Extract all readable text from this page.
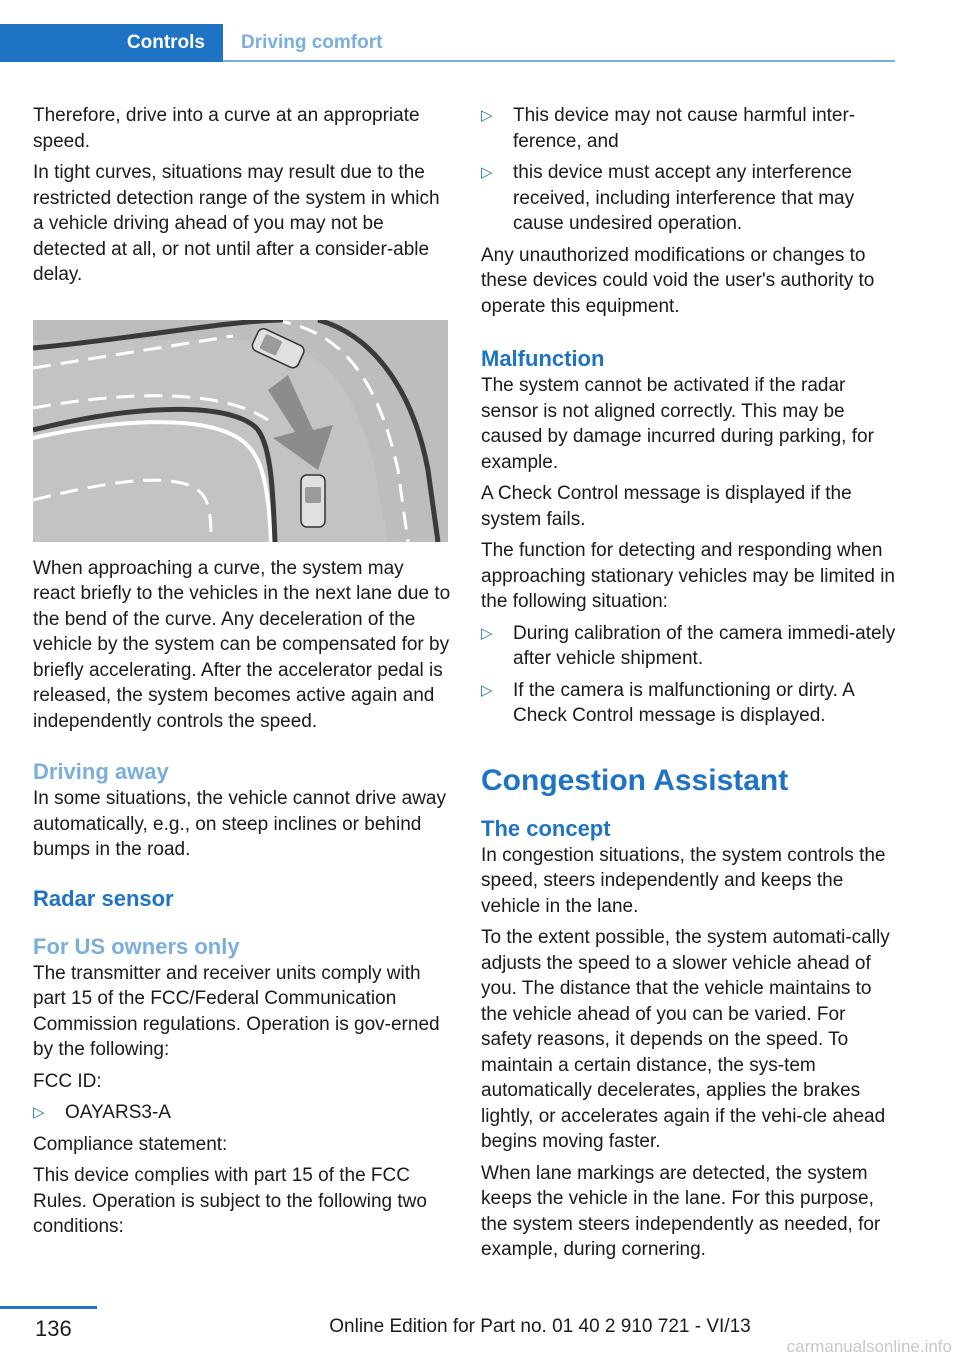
Controls	Driving comfort

Therefore, drive into a curve at an appropriate speed.

In tight curves, situations may result due to the restricted detection range of the system in which a vehicle driving ahead of you may not be detected at all, or not until after a consider-able delay.

When approaching a curve, the system may react briefly to the vehicles in the next lane due to the bend of the curve. Any deceleration of the vehicle by the system can be compensated for by briefly accelerating. After the accelerator pedal is released, the system becomes active again and independently controls the speed.

Driving away

In some situations, the vehicle cannot drive away automatically, e.g., on steep inclines or behind bumps in the road.

Radar sensor
For US owners only

The transmitter and receiver units comply with part 15 of the FCC/Federal Communication Commission regulations. Operation is gov-erned by the following:

FCC ID:

▷ OAYARS3-A

Compliance statement:

This device complies with part 15 of the FCC Rules. Operation is subject to the following two conditions:

▷ This device may not cause harmful inter-ference, and
▷ this device must accept any interference received, including interference that may cause undesired operation.

Any unauthorized modifications or changes to these devices could void the user's authority to operate this equipment.

Malfunction

The system cannot be activated if the radar sensor is not aligned correctly. This may be caused by damage incurred during parking, for example.

A Check Control message is displayed if the system fails.

The function for detecting and responding when approaching stationary vehicles may be limited in the following situation:

▷ During calibration of the camera immedi-ately after vehicle shipment.
▷ If the camera is malfunctioning or dirty. A Check Control message is displayed.
Congestion Assistant
The concept

In congestion situations, the system controls the speed, steers independently and keeps the vehicle in the lane.

To the extent possible, the system automati-cally adjusts the speed to a slower vehicle ahead of you. The distance that the vehicle maintains to the vehicle ahead of you can be varied. For safety reasons, it depends on the speed. To maintain a certain distance, the sys-tem automatically decelerates, applies the brakes lightly, or accelerates again if the vehi-cle ahead begins moving faster.

When lane markings are detected, the system keeps the vehicle in the lane. For this purpose, the system steers independently as needed, for example, during cornering.

136	Online Edition for Part no. 01 40 2 910 721 - VI/13
carmanualsonline.info
